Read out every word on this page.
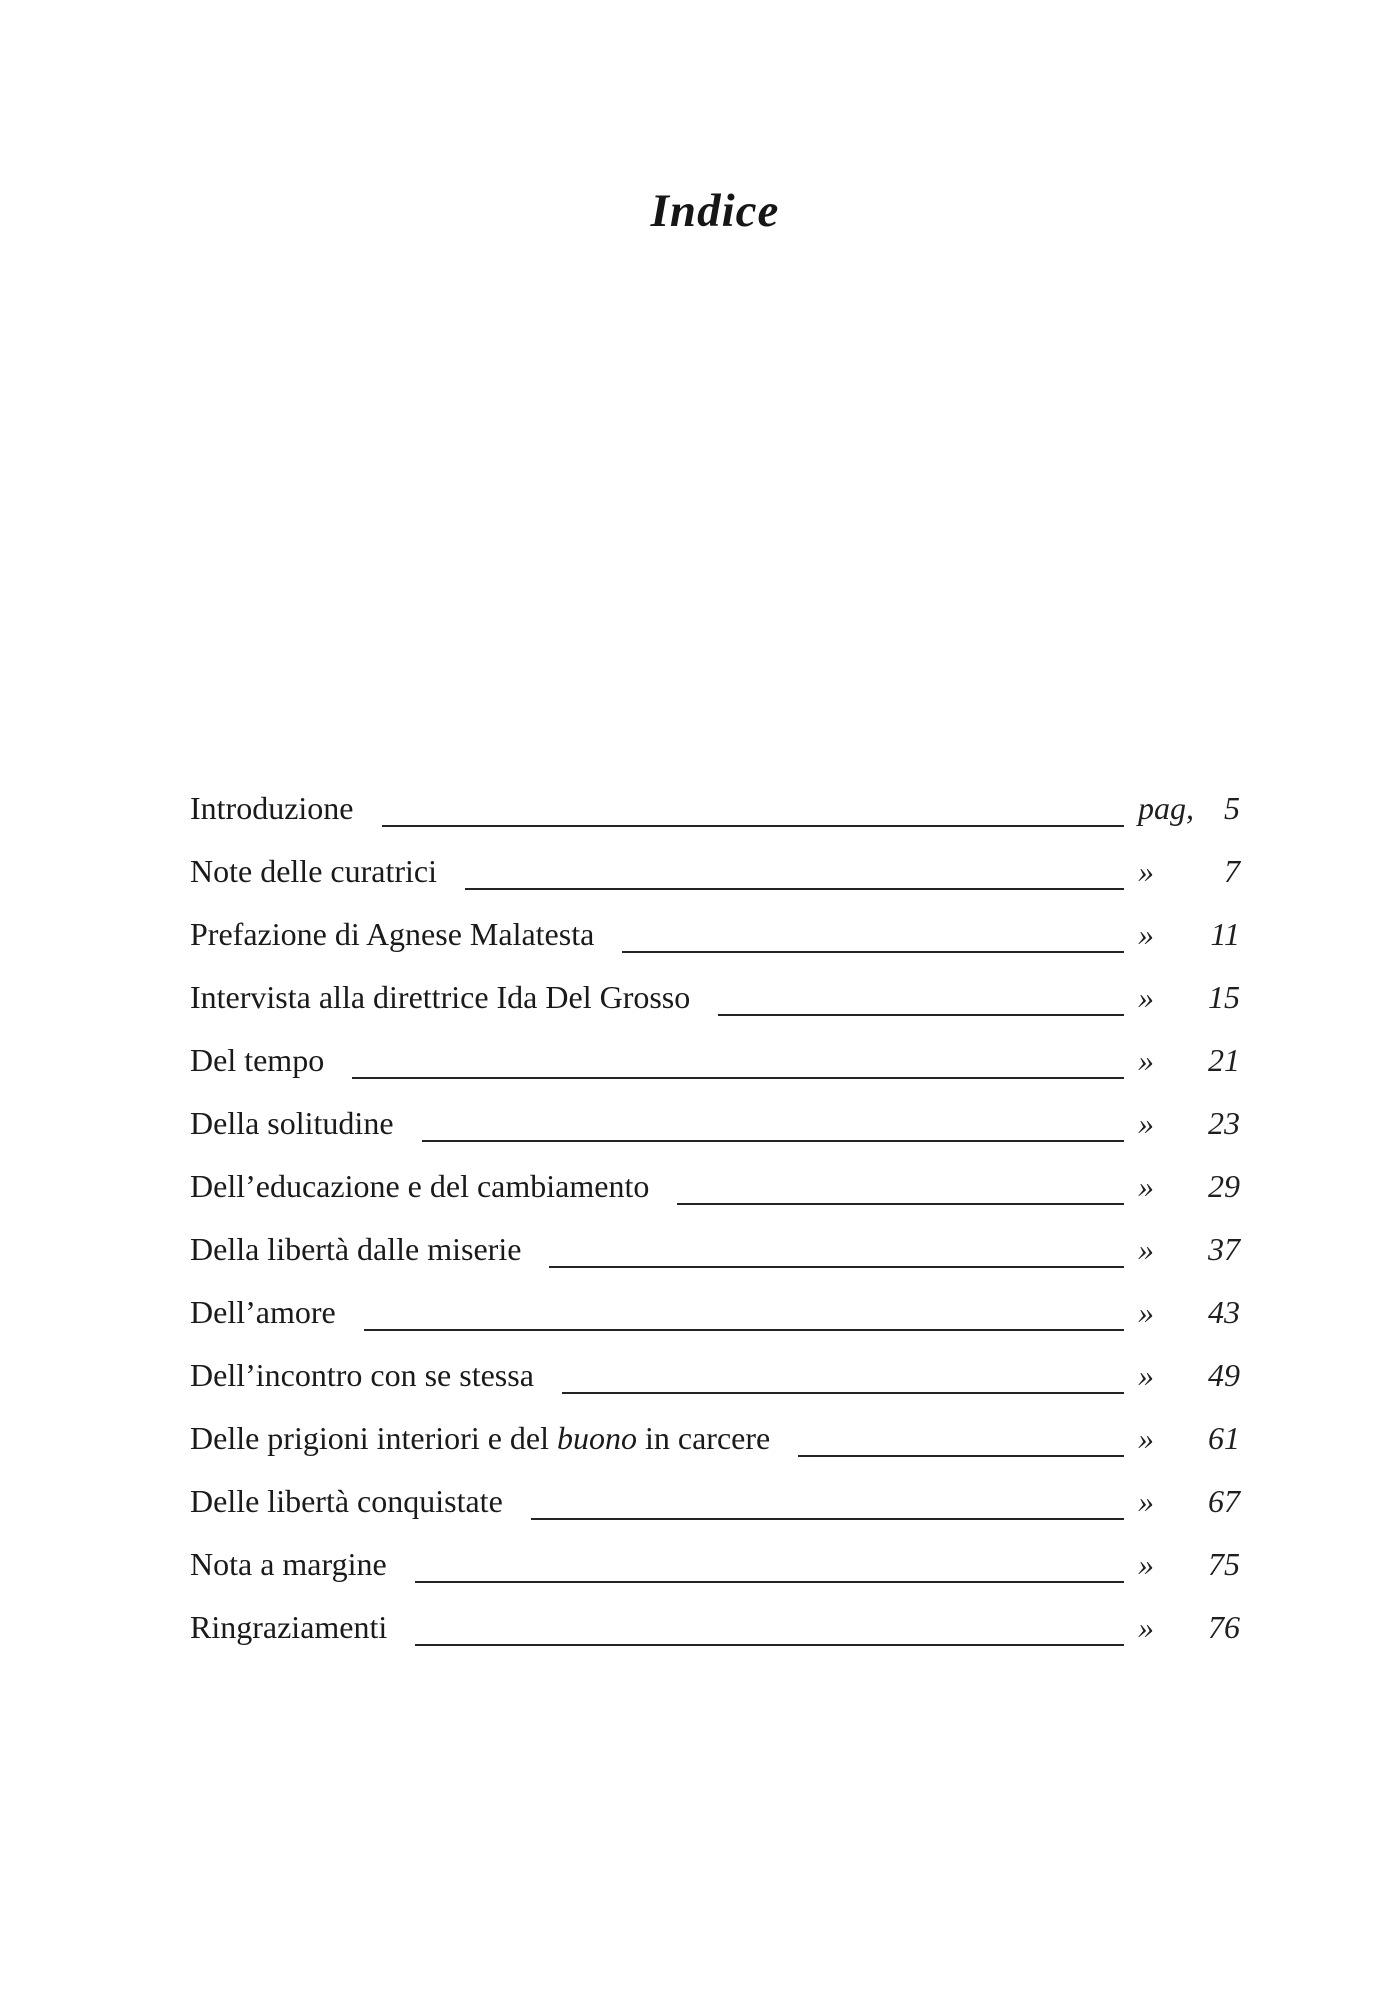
Indice
Introduzione	pag, 5
Note delle curatrici	» 7
Prefazione di Agnese Malatesta	» 11
Intervista alla direttrice Ida Del Grosso	» 15
Del tempo	» 21
Della solitudine	» 23
Dell’educazione e del cambiamento	» 29
Della libertà dalle miserie	» 37
Dell’amore	» 43
Dell’incontro con se stessa	» 49
Delle prigioni interiori e del buono in carcere	» 61
Delle libertà conquistate	» 67
Nota a margine	» 75
Ringraziamenti	» 76
